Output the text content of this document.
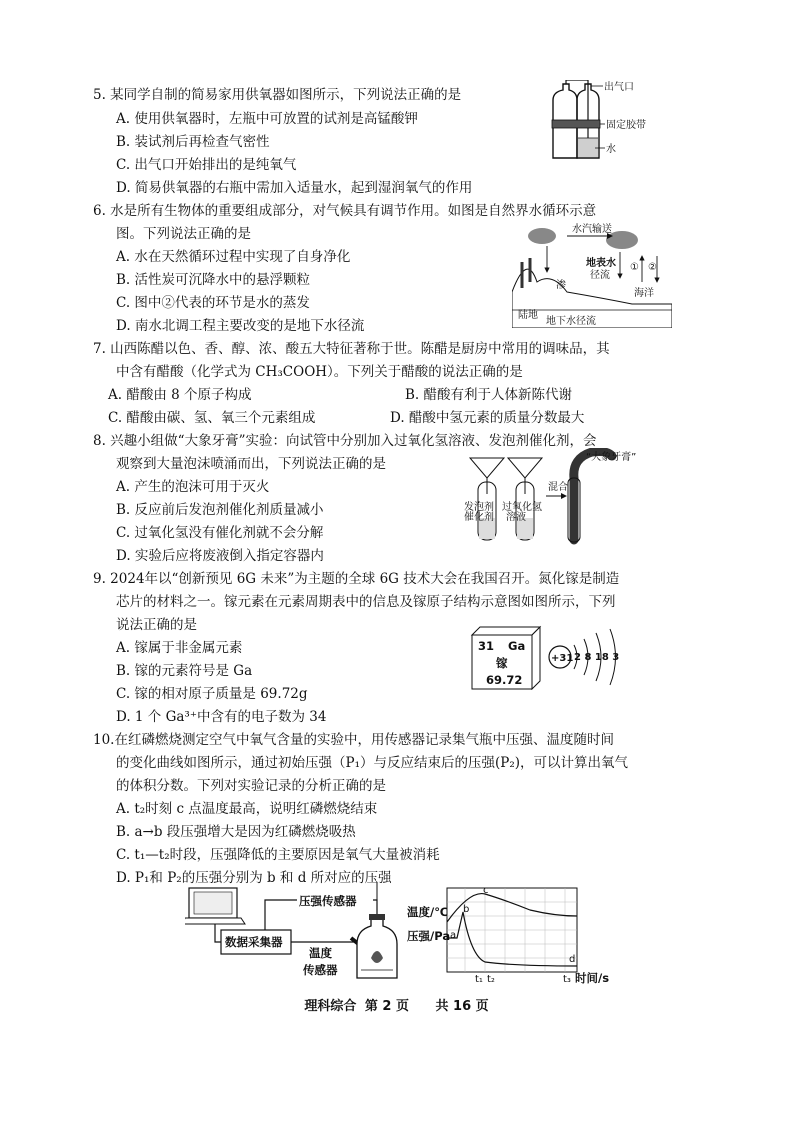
5. 某同学自制的简易家用供氧器如图所示，下列说法正确的是
A. 使用供氧器时，左瓶中可放置的试剂是高锰酸钾
B. 装试剂后再检查气密性
C. 出气口开始排出的是纯氧气
D. 简易供氧器的右瓶中需加入适量水，起到湿润氧气的作用
出气口
固定胶带
水
6. 水是所有生物体的重要组成部分，对气候具有调节作用。如图是自然界水循环示意
图。下列说法正确的是
A. 水在天然循环过程中实现了自身净化
B. 活性炭可沉降水中的悬浮颗粒
C. 图中②代表的环节是水的蒸发
D. 南水北调工程主要改变的是地下水径流
水汽输送
地表水
径流
渗
① ②
陆地
海洋
地下水径流
7. 山西陈醋以色、香、醇、浓、酸五大特征著称于世。陈醋是厨房中常用的调味品，其
中含有醋酸（化学式为 CH₃COOH）。下列关于醋酸的说法正确的是
A. 醋酸由 8 个原子构成	B. 醋酸有利于人体新陈代谢
C. 醋酸由碳、氢、氧三个元素组成	D. 醋酸中氢元素的质量分数最大
8. 兴趣小组做“大象牙膏”实验：向试管中分别加入过氧化氢溶液、发泡剂催化剂，会
观察到大量泡沫喷涌而出，下列说法正确的是
A. 产生的泡沫可用于灭火
B. 反应前后发泡剂催化剂质量减小
C. 过氧化氢没有催化剂就不会分解
D. 实验后应将废液倒入指定容器内
发泡剂
催化剂
过氧化氢
溶液
混合
“大象牙膏”
9. 2024年以“创新预见 6G 未来”为主题的全球 6G 技术大会在我国召开。氮化镓是制造
芯片的材料之一。镓元素在元素周期表中的信息及镓原子结构示意图如图所示，下列
说法正确的是
A. 镓属于非金属元素
B. 镓的元素符号是 Ga
C. 镓的相对原子质量是 69.72g
D. 1 个 Ga³⁺中含有的电子数为 34
31 Ga
镓
69.72
+31 2 8 18 3
10.在红磷燃烧测定空气中氧气含量的实验中，用传感器记录集气瓶中压强、温度随时间
的变化曲线如图所示，通过初始压强（P₁）与反应结束后的压强(P₂)，可以计算出氧气
的体积分数。下列对实验记录的分析正确的是
A. t₂时刻 c 点温度最高，说明红磷燃烧结束
B. a→b 段压强增大是因为红磷燃烧吸热
C. t₁—t₂时段，压强降低的主要原因是氧气大量被消耗
D. P₁和 P₂的压强分别为 b 和 d 所对应的压强
数据采集器
压强传感器
温度
传感器
c
a
b
d
温度/℃
压强/Pa
t₁ t₂	t₃ 时间/s
理科综合 第 2 页 共 16 页
